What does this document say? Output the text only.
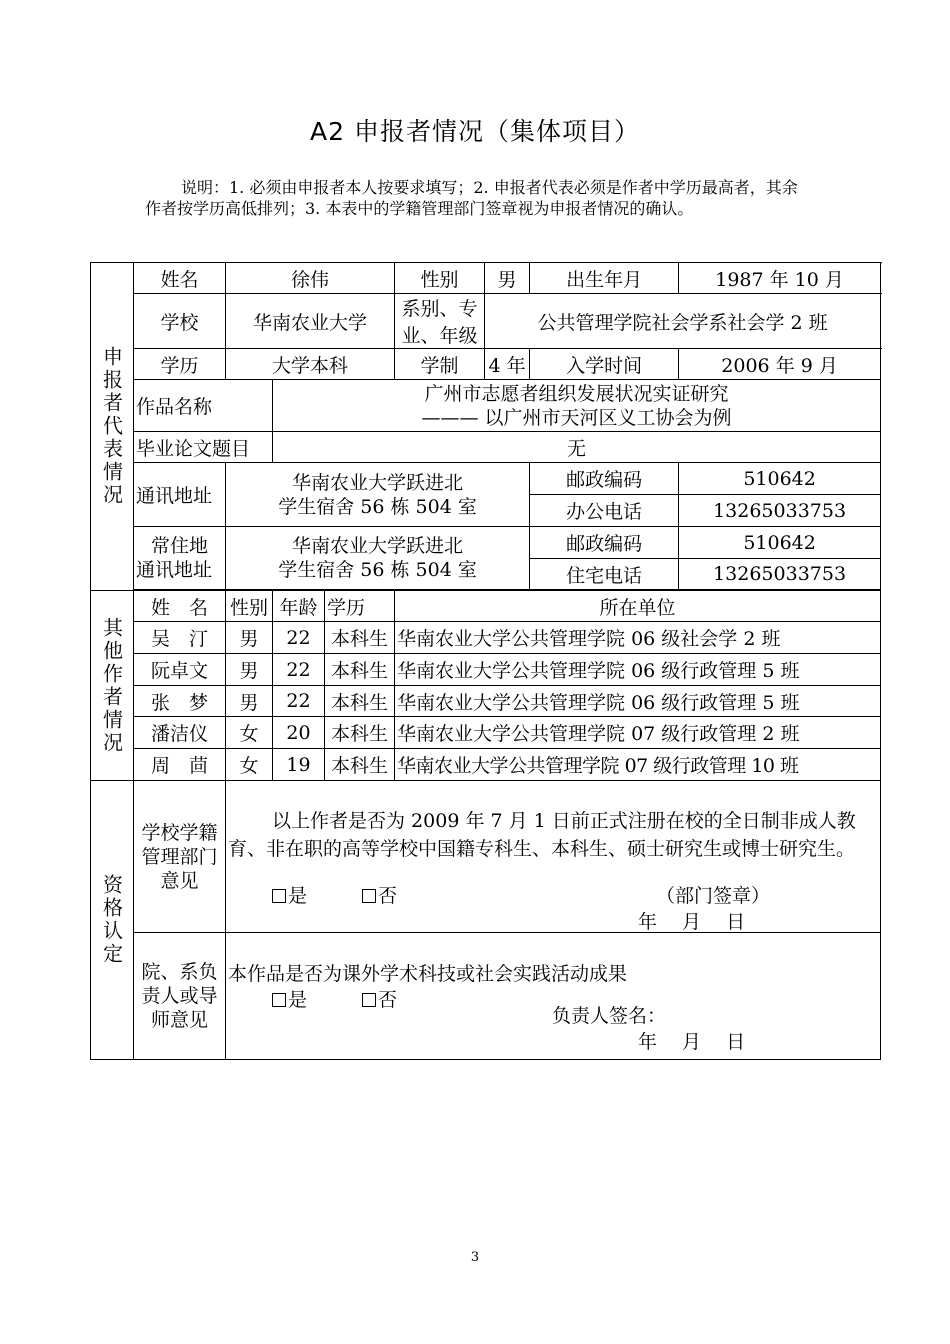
A2 申报者情况（集体项目）
说明：1. 必须由申报者本人按要求填写；2. 申报者代表必须是作者中学历最高者，其余作者按学历高低排列；3. 本表中的学籍管理部门签章视为申报者情况的确认。
申报者代表情况	姓名	徐伟			性别	男	出生年月	1987 年 10 月
	学校	华南农业大学			系别、专业、年级	公共管理学院社会学系社会学 2 班		
	学历	大学本科			学制	4 年	入学时间	2006 年 9 月
	作品名称		广州市志愿者组织发展状况实证研究
——— 以广州市天河区义工协会为例					

	毕业论文题目		无					
	通讯地址	华南农业大学跃进北
学生宿舍 56 栋 504 室					邮政编码	510642
							办公电话	13265033753

	常住地
通讯地址	华南农业大学跃进北
学生宿舍 56 栋 504 室					邮政编码	510642
							住宅电话	13265033753

其他作者情况	姓　名	性别	年龄	学历	所在单位			
	吴　汀	男	22	本科生	华南农业大学公共管理学院 06 级社会学 2 班			
	阮卓文	男	22	本科生	华南农业大学公共管理学院 06 级行政管理 5 班			
	张　梦	男	22	本科生	华南农业大学公共管理学院 06 级行政管理 5 班			
	潘洁仪	女	20	本科生	华南农业大学公共管理学院 07 级行政管理 2 班			
	周　茴	女	19	本科生	华南农业大学公共管理学院 07 级行政管理 10 班			

资格认定	学校学籍管理部门意见	以上作者是否为 2009 年 7 月 1 日前正式注册在校的全日制非成人教育、非在职的高等学校中国籍专科生、本科生、硕士研究生或博士研究生。
是 否 （部门签章）
年　 月　 日						

	院、系负责人或导师意见	本作品是否为课外学术科技或社会实践活动成果
是 否
负责人签名：
年　 月　 日						
3
